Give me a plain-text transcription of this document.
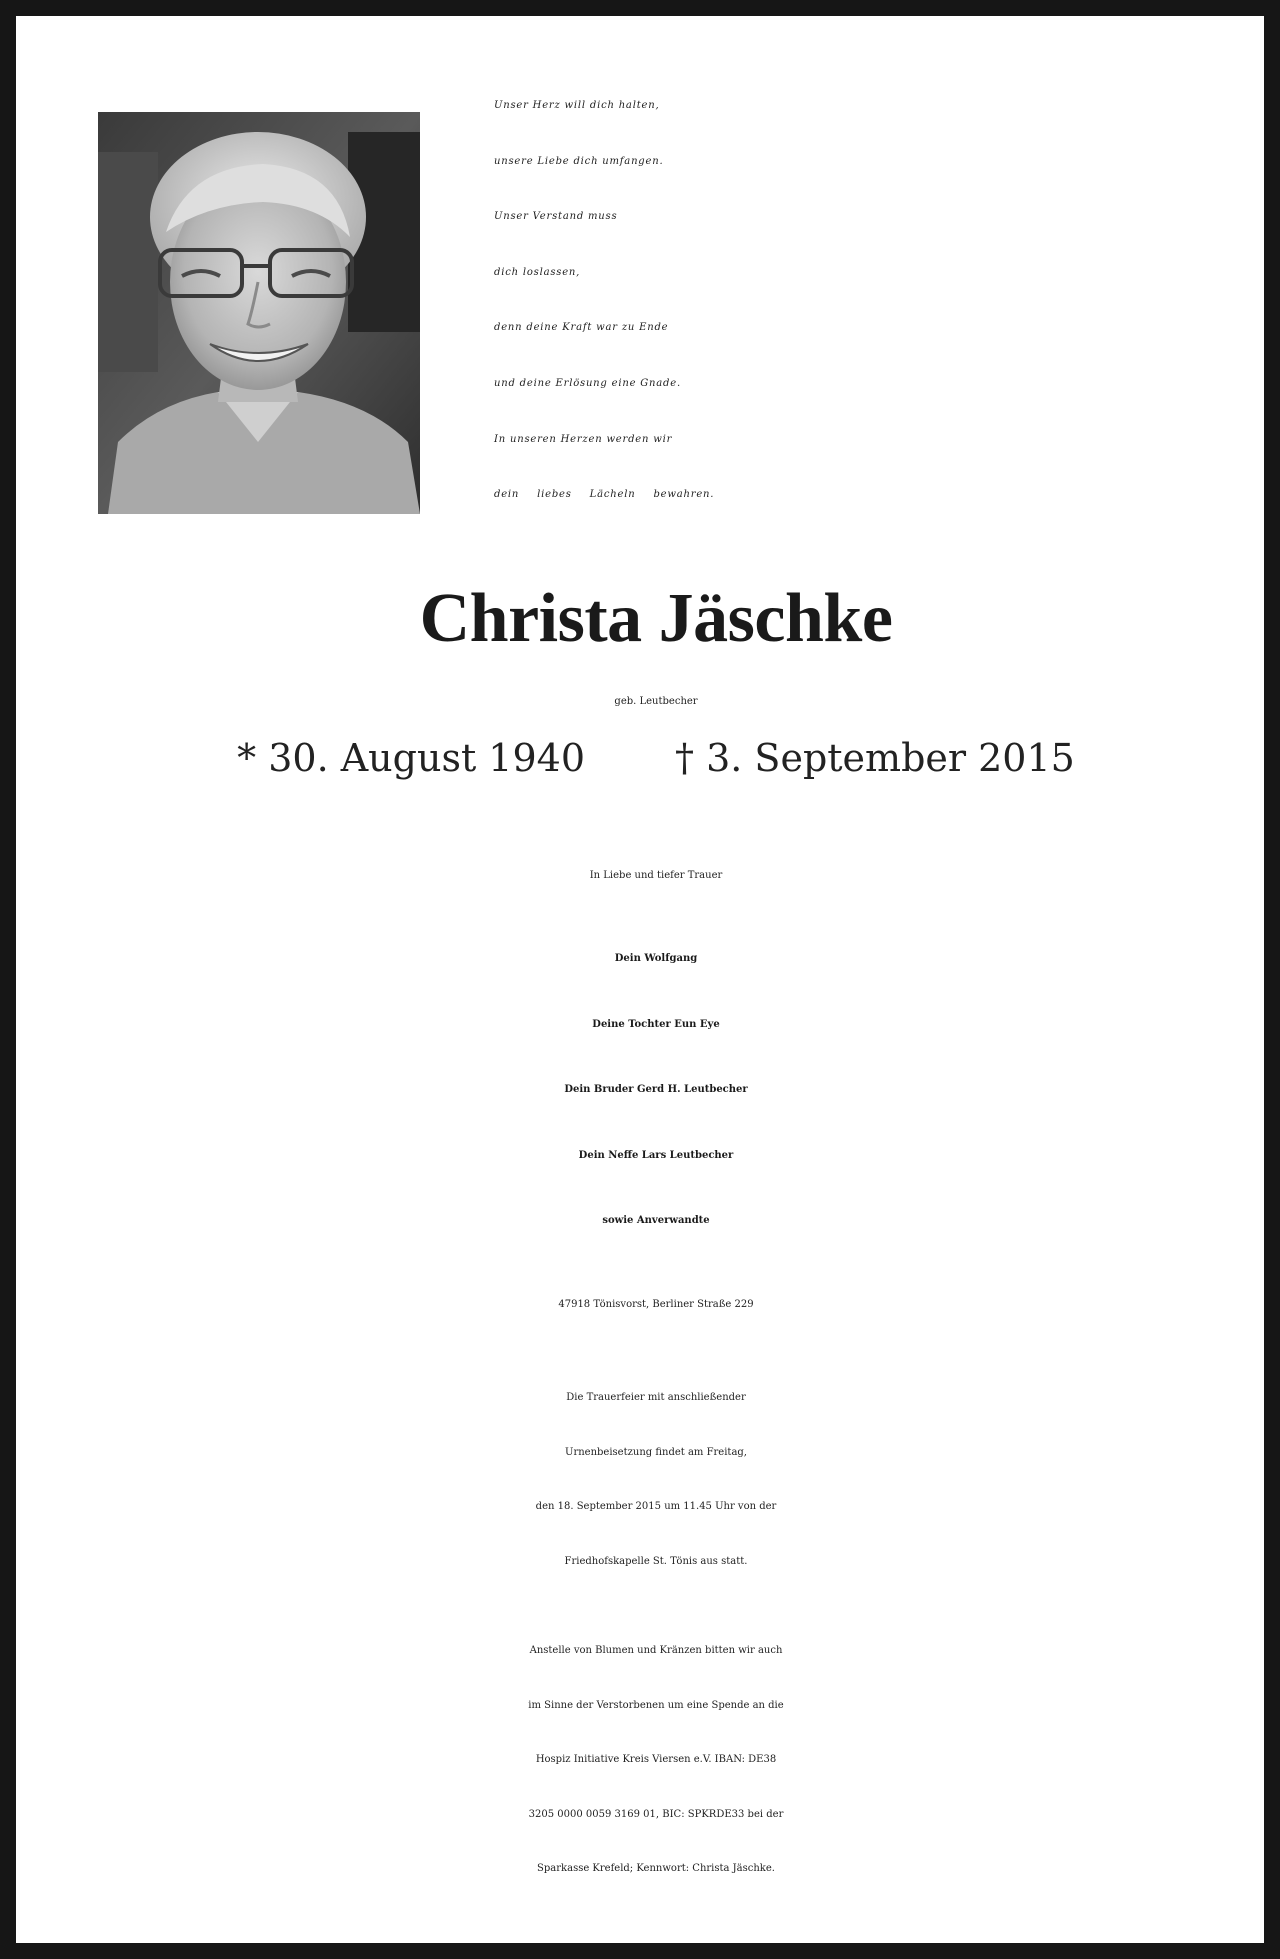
Unser Herz will dich halten,
unsere Liebe dich umfangen.
Unser Verstand muss
dich loslassen,
denn deine Kraft war zu Ende
und deine Erlösung eine Gnade.
In unseren Herzen werden wir
dein liebes Lächeln bewahren.
Christa Jäschke
geb. Leutbecher
* 30. August 1940 † 3. September 2015
In Liebe und tiefer Trauer
Dein Wolfgang
Deine Tochter Eun Eye
Dein Bruder Gerd H. Leutbecher
Dein Neffe Lars Leutbecher
sowie Anverwandte
47918 Tönisvorst, Berliner Straße 229
Die Trauerfeier mit anschließender
Urnenbeisetzung findet am Freitag,
den 18. September 2015 um 11.45 Uhr von der
Friedhofskapelle St. Tönis aus statt.
Anstelle von Blumen und Kränzen bitten wir auch
im Sinne der Verstorbenen um eine Spende an die
Hospiz Initiative Kreis Viersen e.V. IBAN: DE38
3205 0000 0059 3169 01, BIC: SPKRDE33 bei der
Sparkasse Krefeld; Kennwort: Christa Jäschke.
